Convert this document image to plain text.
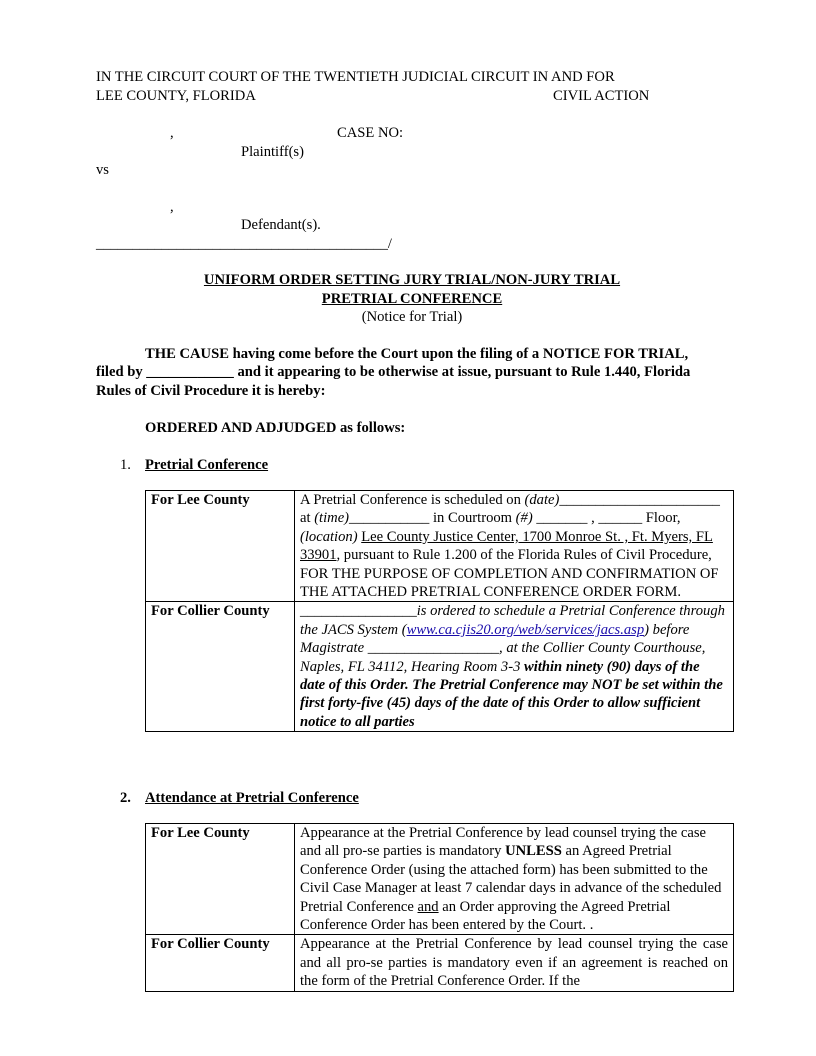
IN THE CIRCUIT COURT OF THE TWENTIETH JUDICIAL CIRCUIT IN AND FOR
LEE COUNTY, FLORIDA	CIVIL ACTION
,	CASE NO:
Plaintiff(s)
vs
,
Defendant(s).
________________________________________/
UNIFORM ORDER SETTING JURY TRIAL/NON-JURY TRIAL
PRETRIAL CONFERENCE
(Notice for Trial)
THE CAUSE having come before the Court upon the filing of a NOTICE FOR TRIAL, filed by ____________ and it appearing to be otherwise at issue, pursuant to Rule 1.440, Florida Rules of Civil Procedure it is hereby:
ORDERED AND ADJUDGED as follows:
1. Pretrial Conference
For Lee County	A Pretrial Conference is scheduled on (date)______________________ at (time)___________ in Courtroom (#) _______ , ______ Floor, (location) Lee County Justice Center, 1700 Monroe St. , Ft. Myers, FL 33901, pursuant to Rule 1.200 of the Florida Rules of Civil Procedure, FOR THE PURPOSE OF COMPLETION AND CONFIRMATION OF THE ATTACHED PRETRIAL CONFERENCE ORDER FORM.
For Collier County	________________is ordered to schedule a Pretrial Conference through the JACS System (www.ca.cjis20.org/web/services/jacs.asp) before Magistrate __________________, at the Collier County Courthouse, Naples, FL 34112, Hearing Room 3-3 within ninety (90) days of the date of this Order. The Pretrial Conference may NOT be set within the first forty-five (45) days of the date of this Order to allow sufficient notice to all parties
2. Attendance at Pretrial Conference
For Lee County	Appearance at the Pretrial Conference by lead counsel trying the case and all pro-se parties is mandatory UNLESS an Agreed Pretrial Conference Order (using the attached form) has been submitted to the Civil Case Manager at least 7 calendar days in advance of the scheduled Pretrial Conference and an Order approving the Agreed Pretrial Conference Order has been entered by the Court. .
For Collier County	Appearance at the Pretrial Conference by lead counsel trying the case and all pro-se parties is mandatory even if an agreement is reached on the form of the Pretrial Conference Order. If the
